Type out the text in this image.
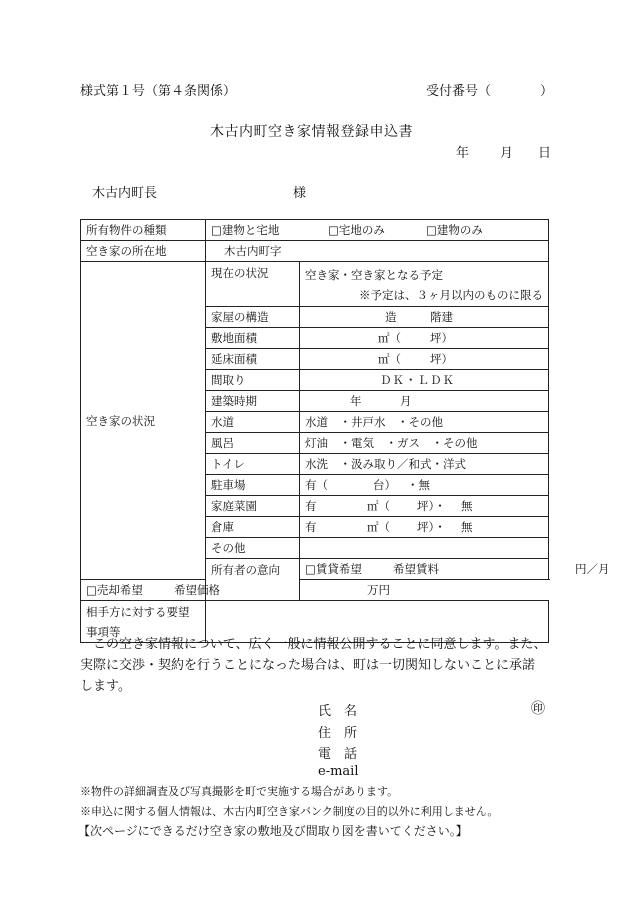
様式第１号（第４条関係）	受付番号（	）
木古内町空き家情報登録申込書
年 月 日
木古内町長	様
所有物件の種類	□建物と宅地 □宅地のみ □建物のみ	
空き家の所在地	木古内町字	
空き家の状況	現在の状況	空き家・空き家となる予定
※予定は、３ヶ月以内のものに限る

	家屋の構造	造 階建
	敷地面積	㎡（ 坪）
	延床面積	㎡（ 坪）
	間取り	ＤＫ・ＬＤＫ
	建築時期	年 月
	水道	水道　・井戸水　・その他
	風呂	灯油　・電気　・ガス　・その他
	トイレ	水洗　・汲み取り／和式・洋式
	駐車場	有（ 台） ・無
	家庭菜園	有 ㎡（ 坪）・ 無
	倉庫	有 ㎡（ 坪）・ 無
	その他	
	所有者の意向	□賃貸希望 希望賃料 円／月
□売却希望 希望価格 万円		

相手方に対する要望
事項等		

この空き家情報について、広く一般に情報公開することに同意します。また、
実際に交渉・契約を行うことになった場合は、町は一切関知しないことに承諾
します。
氏　名	㊞
住　所
電　話
e-mail
※物件の詳細調査及び写真撮影を町で実施する場合があります。
※申込に関する個人情報は、木古内町空き家バンク制度の目的以外に利用しません。
【次ページにできるだけ空き家の敷地及び間取り図を書いてください。】
